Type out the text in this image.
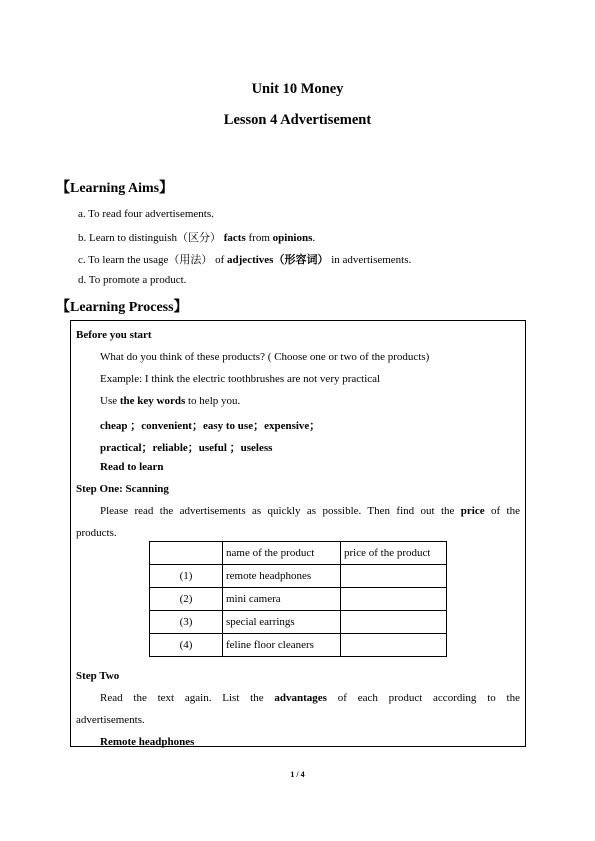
Unit 10 Money
Lesson 4 Advertisement
【Learning Aims】
a. To read four advertisements.
b. Learn to distinguish（区分） facts from opinions.
c. To learn the usage（用法） of adjectives（形容词） in advertisements.
d. To promote a product.
【Learning Process】
Before you start
What do you think of these products? ( Choose one or two of the products)
Example: I think the electric toothbrushes are not very practical
Use the key words to help you.
cheap ；convenient；easy to use；expensive；
practical；reliable；useful ；useless
Read to learn
Step One: Scanning
Please read the advertisements as quickly as possible. Then find out the price of the
products.
Step Two
Read the text again. List the advantages of each product according to the
advertisements.
Remote headphones
	name of the product	price of the product
(1)	remote headphones	
(2)	mini camera	
(3)	special earrings	
(4)	feline floor cleaners	
1 / 4
